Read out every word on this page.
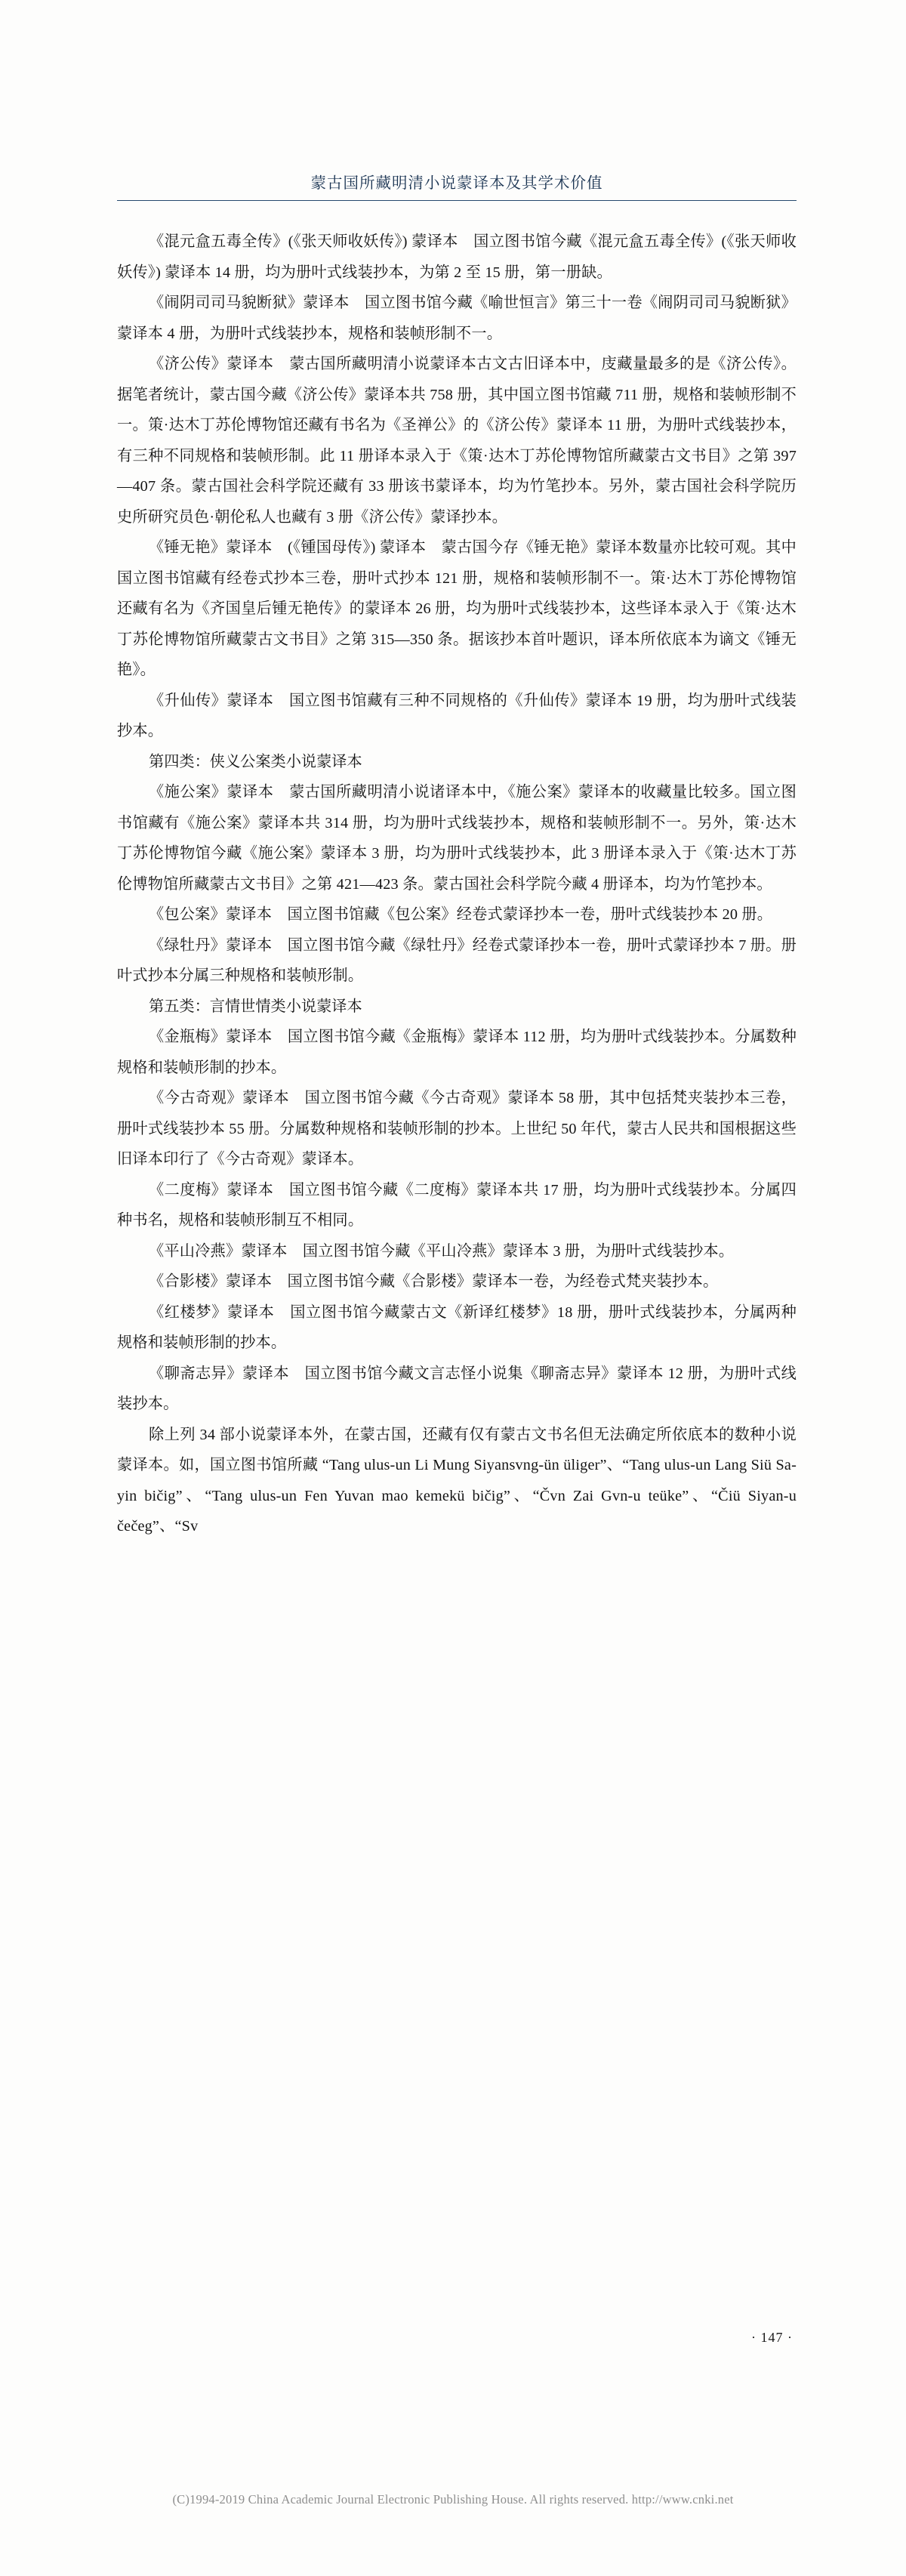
蒙古国所藏明清小说蒙译本及其学术价值

《混元盒五毒全传》(《张天师收妖传》) 蒙译本　国立图书馆今藏《混元盒五毒全传》(《张天师收妖传》) 蒙译本 14 册，均为册叶式线装抄本，为第 2 至 15 册，第一册缺。

《闹阴司司马貌断狱》蒙译本　国立图书馆今藏《喻世恒言》第三十一卷《闹阴司司马貌断狱》蒙译本 4 册，为册叶式线装抄本，规格和装帧形制不一。

《济公传》蒙译本　蒙古国所藏明清小说蒙译本古文古旧译本中，庋藏量最多的是《济公传》。据笔者统计，蒙古国今藏《济公传》蒙译本共 758 册，其中国立图书馆藏 711 册，规格和装帧形制不一。策·达木丁苏伦博物馆还藏有书名为《圣禅公》的《济公传》蒙译本 11 册，为册叶式线装抄本，有三种不同规格和装帧形制。此 11 册译本录入于《策·达木丁苏伦博物馆所藏蒙古文书目》之第 397—407 条。蒙古国社会科学院还藏有 33 册该书蒙译本，均为竹笔抄本。另外，蒙古国社会科学院历史所研究员色·朝伦私人也藏有 3 册《济公传》蒙译抄本。

《锤无艳》蒙译本　(《锺国母传》) 蒙译本　蒙古国今存《锤无艳》蒙译本数量亦比较可观。其中国立图书馆藏有经卷式抄本三卷，册叶式抄本 121 册，规格和装帧形制不一。策·达木丁苏伦博物馆还藏有名为《齐国皇后锺无艳传》的蒙译本 26 册，均为册叶式线装抄本，这些译本录入于《策·达木丁苏伦博物馆所藏蒙古文书目》之第 315—350 条。据该抄本首叶题识，译本所依底本为谪文《锤无艳》。

《升仙传》蒙译本　国立图书馆藏有三种不同规格的《升仙传》蒙译本 19 册，均为册叶式线装抄本。

第四类：侠义公案类小说蒙译本

《施公案》蒙译本　蒙古国所藏明清小说诸译本中，《施公案》蒙译本的收藏量比较多。国立图书馆藏有《施公案》蒙译本共 314 册，均为册叶式线装抄本，规格和装帧形制不一。另外，策·达木丁苏伦博物馆今藏《施公案》蒙译本 3 册，均为册叶式线装抄本，此 3 册译本录入于《策·达木丁苏伦博物馆所藏蒙古文书目》之第 421—423 条。蒙古国社会科学院今藏 4 册译本，均为竹笔抄本。

《包公案》蒙译本　国立图书馆藏《包公案》经卷式蒙译抄本一卷，册叶式线装抄本 20 册。

《绿牡丹》蒙译本　国立图书馆今藏《绿牡丹》经卷式蒙译抄本一卷，册叶式蒙译抄本 7 册。册叶式抄本分属三种规格和装帧形制。

第五类：言情世情类小说蒙译本

《金瓶梅》蒙译本　国立图书馆今藏《金瓶梅》蒙译本 112 册，均为册叶式线装抄本。分属数种规格和装帧形制的抄本。

《今古奇观》蒙译本　国立图书馆今藏《今古奇观》蒙译本 58 册，其中包括梵夹装抄本三卷，册叶式线装抄本 55 册。分属数种规格和装帧形制的抄本。上世纪 50 年代，蒙古人民共和国根据这些旧译本印行了《今古奇观》蒙译本。

《二度梅》蒙译本　国立图书馆今藏《二度梅》蒙译本共 17 册，均为册叶式线装抄本。分属四种书名，规格和装帧形制互不相同。

《平山冷燕》蒙译本　国立图书馆今藏《平山冷燕》蒙译本 3 册，为册叶式线装抄本。

《合影楼》蒙译本　国立图书馆今藏《合影楼》蒙译本一卷，为经卷式梵夹装抄本。

《红楼梦》蒙译本　国立图书馆今藏蒙古文《新译红楼梦》18 册，册叶式线装抄本，分属两种规格和装帧形制的抄本。

《聊斋志异》蒙译本　国立图书馆今藏文言志怪小说集《聊斋志异》蒙译本 12 册，为册叶式线装抄本。

除上列 34 部小说蒙译本外，在蒙古国，还藏有仅有蒙古文书名但无法确定所依底本的数种小说蒙译本。如，国立图书馆所藏 “Tang ulus-un Li Mung Siyansvng-ün üliger”、“Tang ulus-un Lang Siü Sa-yin bičig”、“Tang ulus-un Fen Yuvan mao kemekü bičig”、“Čvn Zai Gvn-u teüke”、“Čiü Siyan-u čečeg”、“Sv

· 147 ·
(C)1994-2019 China Academic Journal Electronic Publishing House. All rights reserved. http://www.cnki.net
